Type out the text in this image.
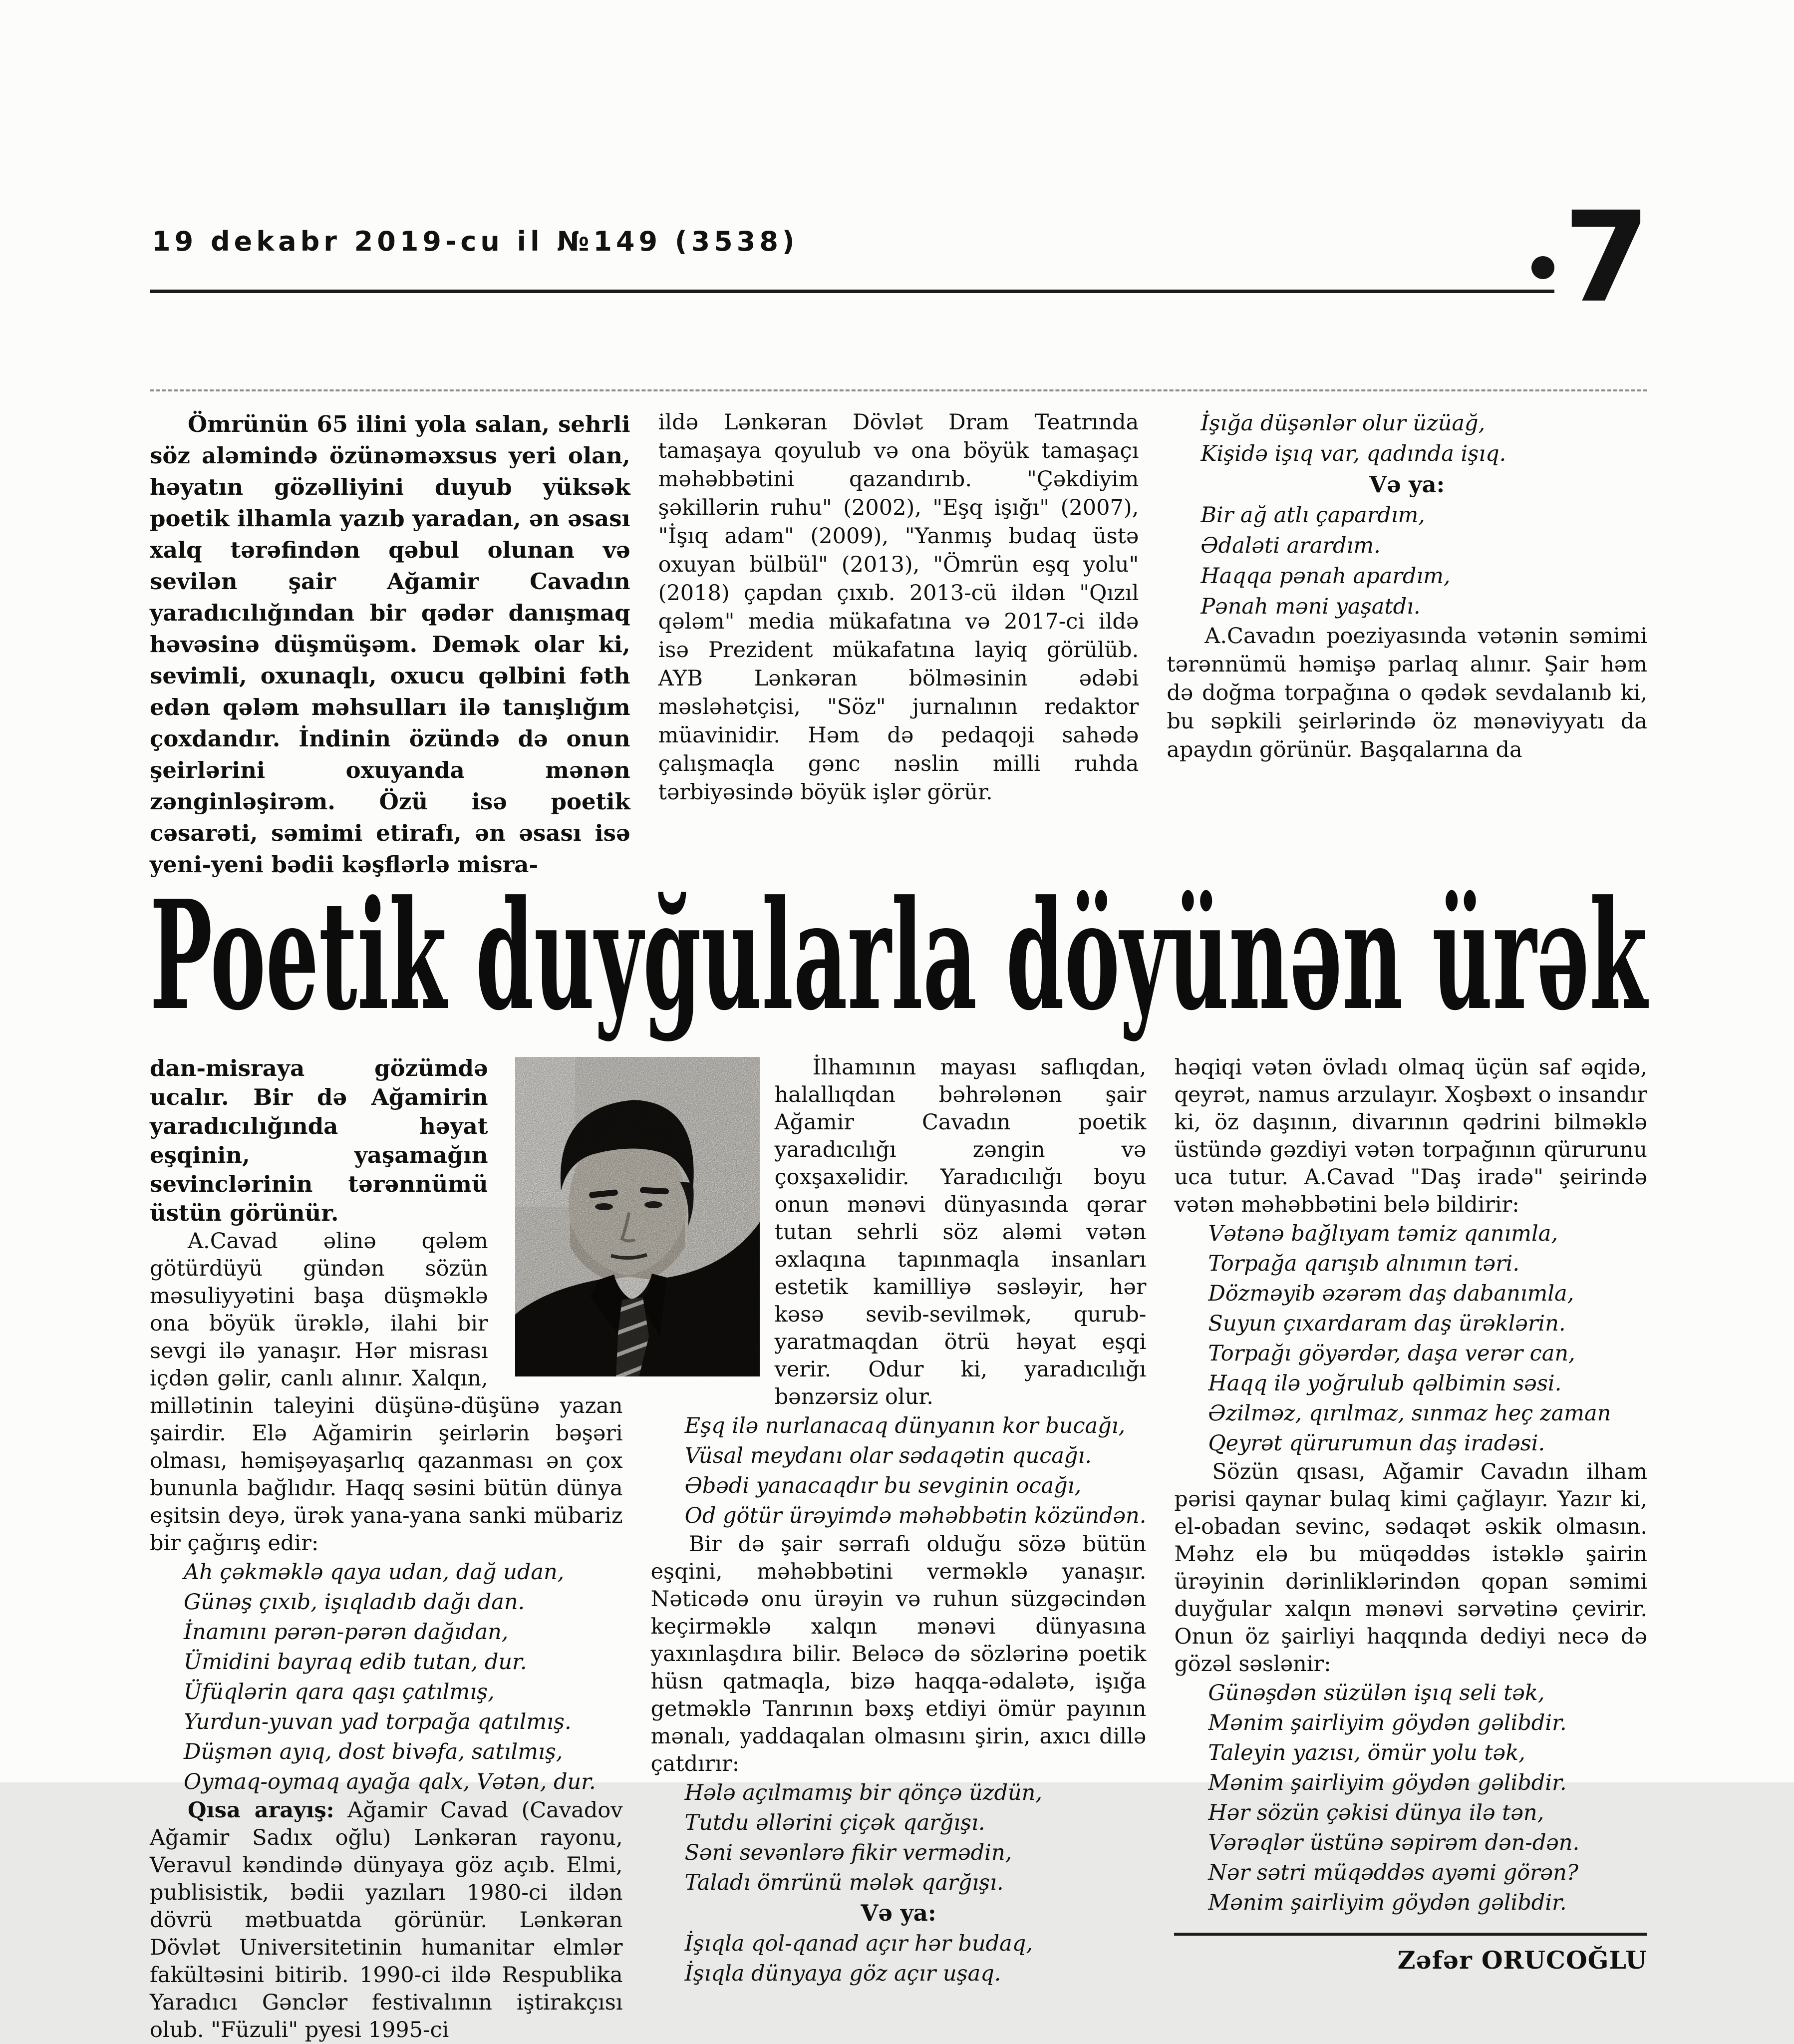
19 dekabr 2019-cu il №149 (3538)	7

Ömrünün 65 ilini yola salan, sehrli söz aləmində özünəməxsus yeri olan, həyatın gözəlliyini duyub yüksək poetik ilhamla yazıb yaradan, ən əsası xalq tərəfindən qəbul olunan və sevilən şair Ağamir Cavadın yaradıcılığından bir qədər danışmaq həvəsinə düşmüşəm. Demək olar ki, sevimli, oxunaqlı, oxucu qəlbini fəth edən qələm məhsulları ilə tanışlığım çoxdandır. İndinin özündə də onun şeirlərini oxuyanda mənən zənginləşirəm. Özü isə poetik cəsarəti, səmimi etirafı, ən əsası isə yeni-yeni bədii kəşflərlə misra-

ildə Lənkəran Dövlət Dram Teatrında tamaşaya qoyulub və ona böyük tamaşaçı məhəbbətini qazandırıb. "Çəkdiyim şəkillərin ruhu" (2002), "Eşq işığı" (2007), "İşıq adam" (2009), "Yanmış budaq üstə oxuyan bülbül" (2013), "Ömrün eşq yolu" (2018) çapdan çıxıb. 2013-cü ildən "Qızıl qələm" media mükafatına və 2017-ci ildə isə Prezident mükafatına layiq görülüb. AYB Lənkəran bölməsinin ədəbi məsləhətçisi, "Söz" jurnalının redaktor müavinidir. Həm də pedaqoji sahədə çalışmaqla gənc nəslin milli ruhda tərbiyəsində böyük işlər görür.

İşığa düşənlər olur üzüağ,
Kişidə işıq var, qadında işıq.
Və ya:
Bir ağ atlı çapardım,
Ədaləti arardım.
Haqqa pənah apardım,
Pənah məni yaşatdı.

A.Cavadın poeziyasında vətənin səmimi tərənnümü həmişə parlaq alınır. Şair həm də doğma torpağına o qədək sevdalanıb ki, bu səpkili şeirlərində öz mənəviyyatı da apaydın görünür. Başqalarına da

Poetik duyğularla döyünən ürək

dan-misraya gözümdə ucalır. Bir də Ağamirin yaradıcılığında həyat eşqinin, yaşamağın sevinclərinin tərənnümü üstün görünür.

A.Cavad əlinə qələm götürdüyü gündən sözün məsuliyyətini başa düşməklə ona böyük ürəklə, ilahi bir sevgi ilə yanaşır. Hər misrası içdən gəlir, canlı alınır. Xalqın, millətinin taleyini düşünə-düşünə yazan şairdir. Elə Ağamirin şeirlərin bəşəri olması, həmişəyaşarlıq qazanması ən çox bununla bağlıdır. Haqq səsini bütün dünya eşitsin deyə, ürək yana-yana sanki mübariz bir çağırış edir:

Ah çəkməklə qaya udan, dağ udan,
Günəş çıxıb, işıqladıb dağı dan.
İnamını pərən-pərən dağıdan,
Ümidini bayraq edib tutan, dur.
Üfüqlərin qara qaşı çatılmış,
Yurdun-yuvan yad torpağa qatılmış.
Düşmən ayıq, dost bivəfa, satılmış,
Oymaq-oymaq ayağa qalx, Vətən, dur.

Qısa arayış: Ağamir Cavad (Cavadov Ağamir Sadıx oğlu) Lənkəran rayonu, Veravul kəndində dünyaya göz açıb. Elmi, publisistik, bədii yazıları 1980-ci ildən dövrü mətbuatda görünür. Lənkəran Dövlət Universitetinin humanitar elmlər fakültəsini bitirib. 1990-ci ildə Respublika Yaradıcı Gənclər festivalının iştirakçısı olub. "Füzuli" pyesi 1995-ci

İlhamının mayası saflıqdan, halallıqdan bəhrələnən şair Ağamir Cavadın poetik yaradıcılığı zəngin və çoxşaxəlidir. Yaradıcılığı boyu onun mənəvi dünyasında qərar tutan sehrli söz aləmi vətən əxlaqına tapınmaqla insanları estetik kamilliyə səsləyir, hər kəsə sevib-sevilmək, qurub-yaratmaqdan ötrü həyat eşqi verir. Odur ki, yaradıcılığı bənzərsiz olur.

Eşq ilə nurlanacaq dünyanın kor bucağı,
Vüsal meydanı olar sədaqətin qucağı.
Əbədi yanacaqdır bu sevginin ocağı,
Od götür ürəyimdə məhəbbətin közündən.

Bir də şair sərrafı olduğu sözə bütün eşqini, məhəbbətini verməklə yanaşır. Nəticədə onu ürəyin və ruhun süzgəcindən keçirməklə xalqın mənəvi dünyasına yaxınlaşdıra bilir. Beləcə də sözlərinə poetik hüsn qatmaqla, bizə haqqa-ədalətə, işığa getməklə Tanrının bəxş etdiyi ömür payının mənalı, yaddaqalan olmasını şirin, axıcı dillə çatdırır:

Hələ açılmamış bir qönçə üzdün,
Tutdu əllərini çiçək qarğışı.
Səni sevənlərə fikir vermədin,
Taladı ömrünü mələk qarğışı.
Və ya:
İşıqla qol-qanad açır hər budaq,
İşıqla dünyaya göz açır uşaq.

həqiqi vətən övladı olmaq üçün saf əqidə, qeyrət, namus arzulayır. Xoşbəxt o insandır ki, öz daşının, divarının qədrini bilməklə üstündə gəzdiyi vətən torpağının qürurunu uca tutur. A.Cavad "Daş iradə" şeirində vətən məhəbbətini belə bildirir:

Vətənə bağlıyam təmiz qanımla,
Torpağa qarışıb alnımın təri.
Dözməyib əzərəm daş dabanımla,
Suyun çıxardaram daş ürəklərin.
Torpağı göyərdər, daşa verər can,
Haqq ilə yoğrulub qəlbimin səsi.
Əzilməz, qırılmaz, sınmaz heç zaman
Qeyrət qürurumun daş iradəsi.

Sözün qısası, Ağamir Cavadın ilham pərisi qaynar bulaq kimi çağlayır. Yazır ki, el-obadan sevinc, sədaqət əskik olmasın. Məhz elə bu müqəddəs istəklə şairin ürəyinin dərinliklərindən qopan səmimi duyğular xalqın mənəvi sərvətinə çevirir. Onun öz şairliyi haqqında dediyi necə də gözəl səslənir:

Günəşdən süzülən işıq seli tək,
Mənim şairliyim göydən gəlibdir.
Taleyin yazısı, ömür yolu tək,
Mənim şairliyim göydən gəlibdir.
Hər sözün çəkisi dünya ilə tən,
Vərəqlər üstünə səpirəm dən-dən.
Nər sətri müqəddəs ayəmi görən?
Mənim şairliyim göydən gəlibdir.
Zəfər ORUCOĞLU
